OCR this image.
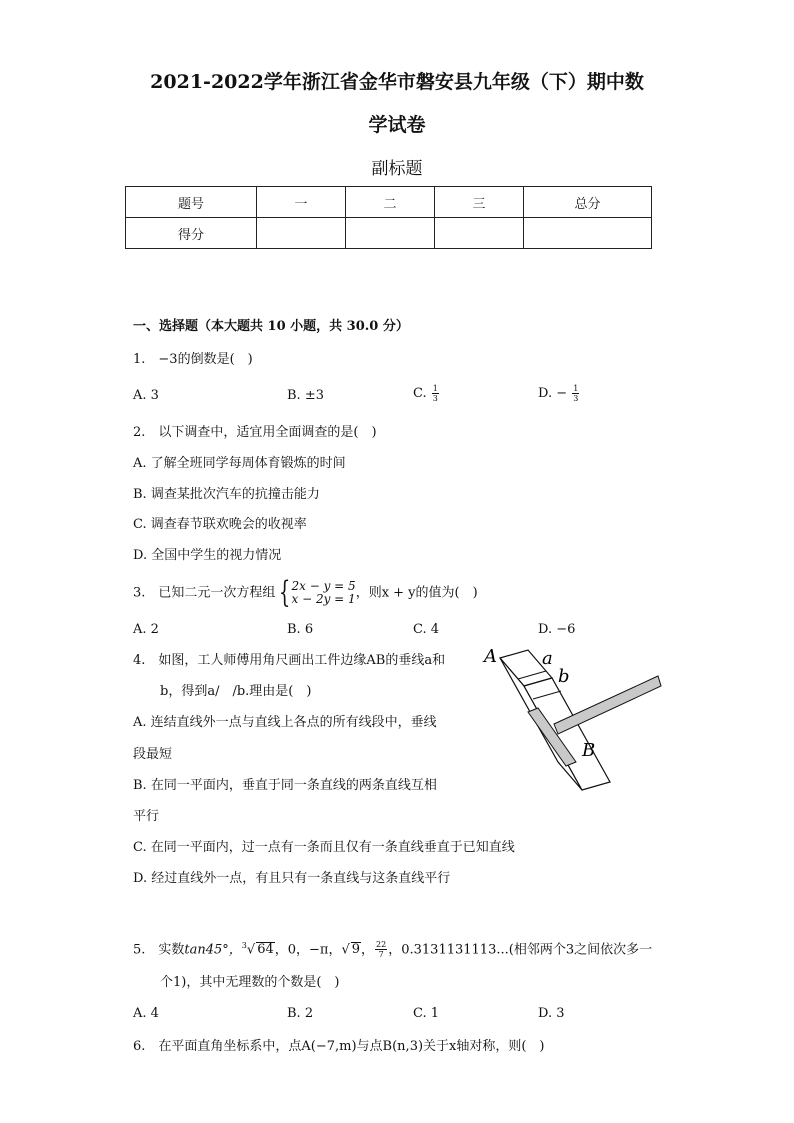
2021-2022学年浙江省金华市磐安县九年级（下）期中数
学试卷
副标题
题号	一	二	三	总分
得分				
一、选择题（本大题共 10 小题，共 30.0 分）
1.　−3的倒数是(　)
A. 3	B. ±3	C. $\frac{1}{3}$	D. − $\frac{1}{3}$
2.　以下调查中，适宜用全面调查的是(　)
A. 了解全班同学每周体育锻炼的时间
B. 调查某批次汽车的抗撞击能力
C. 调查春节联欢晚会的收视率
D. 全国中学生的视力情况
3.　已知二元一次方程组 { 2x − y = 5
x − 2y = 1 ，则x + y的值为(　)
A. 2	B. 6	C. 4	D. −6
4.　如图，工人师傅用角尺画出工件边缘AB的垂线a和
b，得到a/　/b.理由是(　)
A. 连结直线外一点与直线上各点的所有线段中，垂线
段最短
B. 在同一平面内，垂直于同一条直线的两条直线互相
平行
C. 在同一平面内，过一点有一条而且仅有一条直线垂直于已知直线
D. 经过直线外一点，有且只有一条直线与这条直线平行
A	a
b
B
5.　实数tan45°，$^3$√ 64，0，−π，√ 9， $\frac{22}{7}$ ，0.3131131113...(相邻两个3之间依次多一
个1)，其中无理数的个数是(　)
A. 4	B. 2	C. 1	D. 3
6.　在平面直角坐标系中，点A(−7,m)与点B(n,3)关于x轴对称，则(　)
